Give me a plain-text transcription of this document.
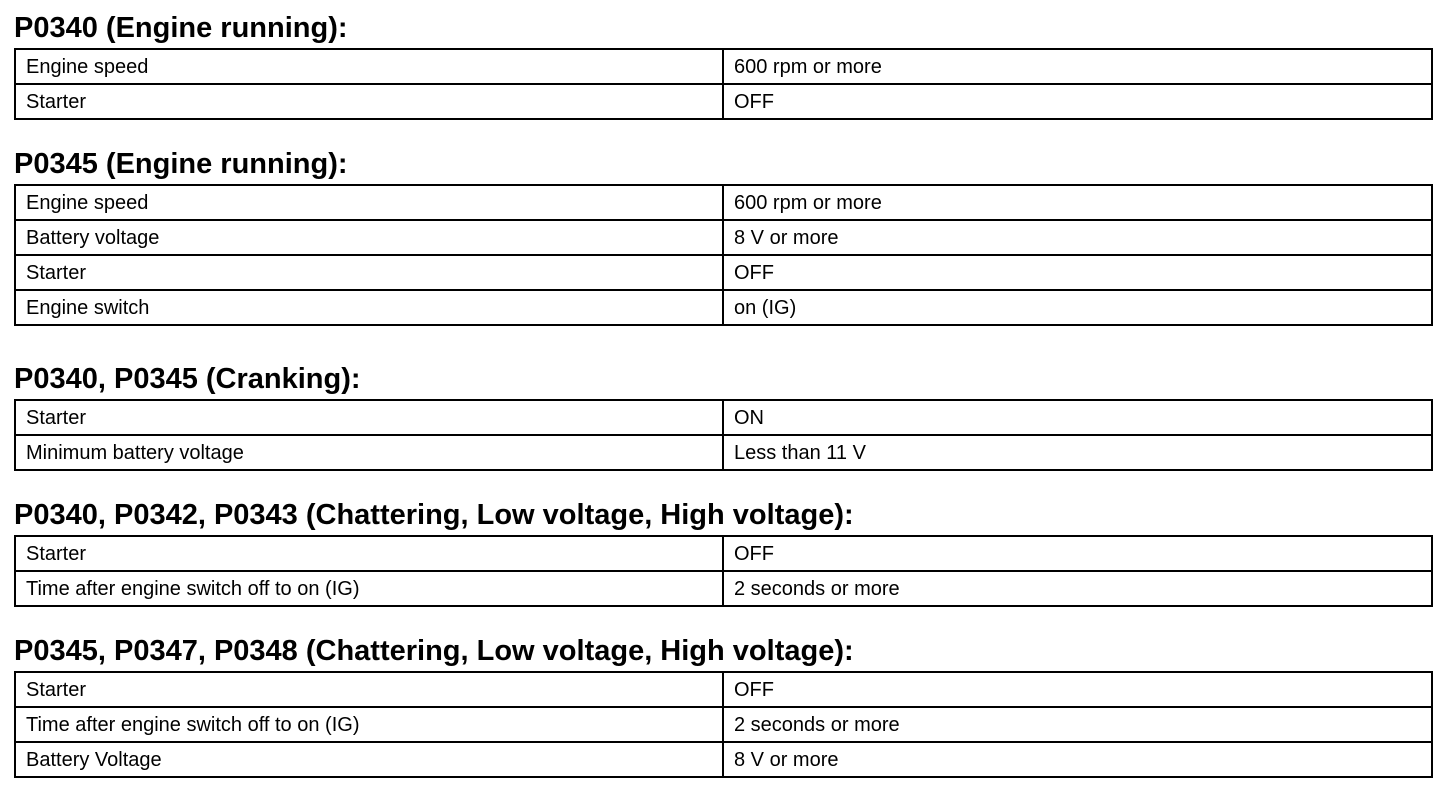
P0340 (Engine running):
Engine speed	600 rpm or more
Starter	OFF
P0345 (Engine running):
Engine speed	600 rpm or more
Battery voltage	8 V or more
Starter	OFF
Engine switch	on (IG)
P0340, P0345 (Cranking):
Starter	ON
Minimum battery voltage	Less than 11 V
P0340, P0342, P0343 (Chattering, Low voltage, High voltage):
Starter	OFF
Time after engine switch off to on (IG)	2 seconds or more
P0345, P0347, P0348 (Chattering, Low voltage, High voltage):
Starter	OFF
Time after engine switch off to on (IG)	2 seconds or more
Battery Voltage	8 V or more
